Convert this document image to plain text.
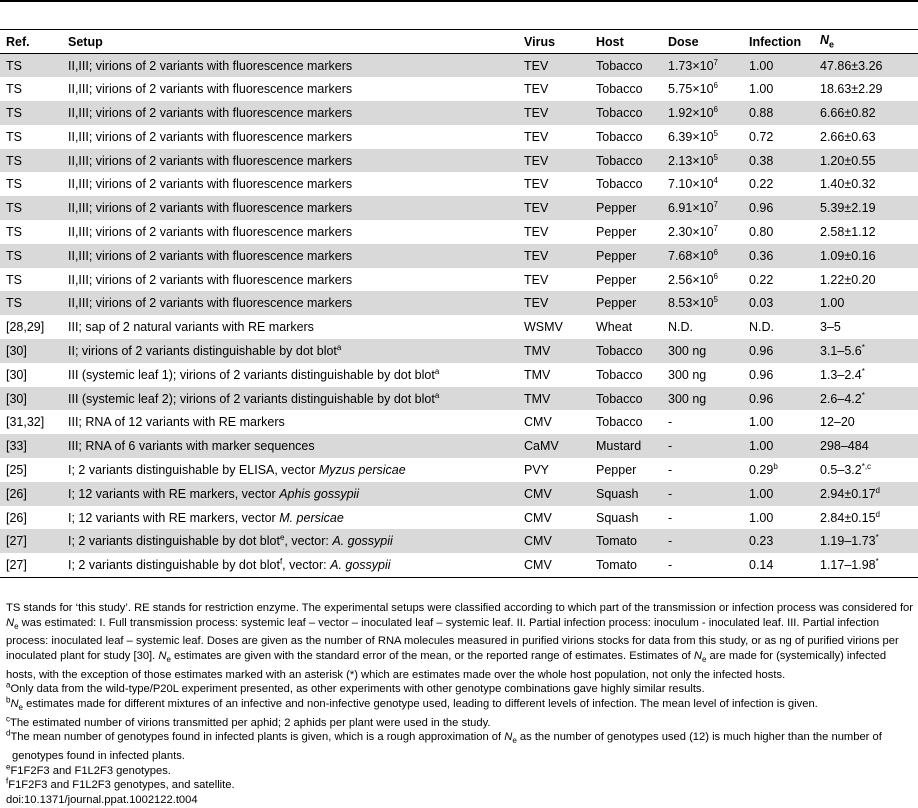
Ref.	Setup	Virus	Host	Dose	Infection	$N_e$
TS	II,III; virions of 2 variants with fluorescence markers	TEV	Tobacco	$1.73\times 10^7$	1.00	47.86±3.26
TS	II,III; virions of 2 variants with fluorescence markers	TEV	Tobacco	$5.75\times 10^6$	1.00	18.63±2.29
TS	II,III; virions of 2 variants with fluorescence markers	TEV	Tobacco	$1.92\times 10^6$	0.88	6.66±0.82
TS	II,III; virions of 2 variants with fluorescence markers	TEV	Tobacco	$6.39\times 10^5$	0.72	2.66±0.63
TS	II,III; virions of 2 variants with fluorescence markers	TEV	Tobacco	$2.13\times 10^5$	0.38	1.20±0.55
TS	II,III; virions of 2 variants with fluorescence markers	TEV	Tobacco	$7.10\times 10^4$	0.22	1.40±0.32
TS	II,III; virions of 2 variants with fluorescence markers	TEV	Pepper	$6.91\times 10^7$	0.96	5.39±2.19
TS	II,III; virions of 2 variants with fluorescence markers	TEV	Pepper	$2.30\times 10^7$	0.80	2.58±1.12
TS	II,III; virions of 2 variants with fluorescence markers	TEV	Pepper	$7.68\times 10^6$	0.36	1.09±0.16
TS	II,III; virions of 2 variants with fluorescence markers	TEV	Pepper	$2.56\times 10^6$	0.22	1.22±0.20
TS	II,III; virions of 2 variants with fluorescence markers	TEV	Pepper	$8.53\times 10^5$	0.03	1.00
[28,29]	III; sap of 2 natural variants with RE markers	WSMV	Wheat	N.D.	N.D.	3–5
[30]	II; virions of 2 variants distinguishable by dot blot$^a$	TMV	Tobacco	300 ng	0.96	3.1–5.6*
[30]	III (systemic leaf 1); virions of 2 variants distinguishable by dot blot$^a$	TMV	Tobacco	300 ng	0.96	1.3–2.4*
[30]	III (systemic leaf 2); virions of 2 variants distinguishable by dot blot$^a$	TMV	Tobacco	300 ng	0.96	2.6–4.2*
[31,32]	III; RNA of 12 variants with RE markers	CMV	Tobacco	-	1.00	12–20
[33]	III; RNA of 6 variants with marker sequences	CaMV	Mustard	-	1.00	298–484
[25]	I; 2 variants distinguishable by ELISA, vector Myzus persicae	PVY	Pepper	-	0.29$^b$	$0.5-3.2^{*,c}$
[26]	I; 12 variants with RE markers, vector Aphis gossypii	CMV	Squash	-	1.00	2.94±0.17$^d$
[26]	I; 12 variants with RE markers, vector M. persicae	CMV	Squash	-	1.00	2.84±0.15$^d$
[27]	I; 2 variants distinguishable by dot blot$^e$, vector: A. gossypii	CMV	Tomato	-	0.23	1.19–1.73*
[27]	I; 2 variants distinguishable by dot blot$^f$, vector: A. gossypii	CMV	Tomato	-	0.14	1.17–1.98*

TS stands for ‘this study’. RE stands for restriction enzyme. The experimental setups were classified according to which part of the transmission or infection process was considered for $N_e$ was estimated: I. Full transmission process: systemic leaf – vector – inoculated leaf – systemic leaf. II. Partial infection process: inoculum - inoculated leaf. III. Partial infection process: inoculated leaf – systemic leaf. Doses are given as the number of RNA molecules measured in purified virions stocks for data from this study, or as ng of purified virions per inoculated plant for study [30]. $N_e$ estimates are given with the standard error of the mean, or the reported range of estimates. Estimates of $N_e$ are made for (systemically) infected hosts, with the exception of those estimates marked with an asterisk (*) which are estimates made over the whole host population, not only the infected hosts.

$^a$Only data from the wild-type/P20L experiment presented, as other experiments with other genotype combinations gave highly similar results.

$^bN_e$ estimates made for different mixtures of an infective and non-infective genotype used, leading to different levels of infection. The mean level of infection is given.

$^c$The estimated number of virions transmitted per aphid; 2 aphids per plant were used in the study.

$^d$The mean number of genotypes found in infected plants is given, which is a rough approximation of $N_e$ as the number of genotypes used (12) is much higher than the number of genotypes found in infected plants.

$^e$F1F2F3 and F1L2F3 genotypes.

$^f$F1F2F3 and F1L2F3 genotypes, and satellite.

doi:10.1371/journal.ppat.1002122.t004
